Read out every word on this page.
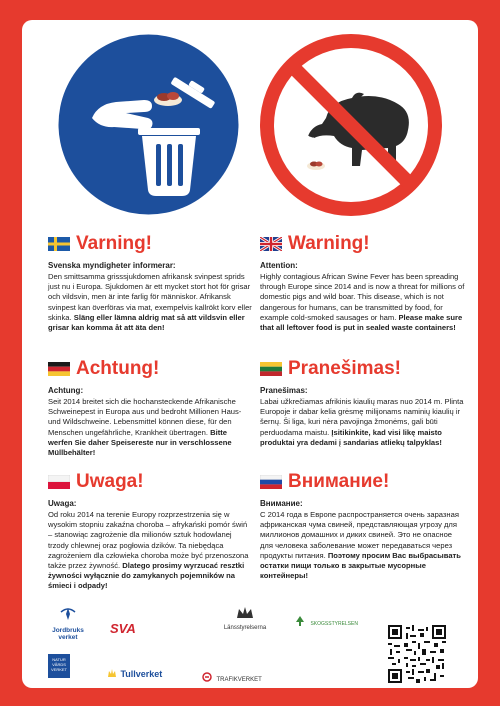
Varning!
Svenska myndigheter informerar:
Den smittsamma grisssjukdomen afrikansk svinpest sprids just nu i Europa. Sjukdomen är ett mycket stort hot för grisar och vildsvin, men är inte farlig för människor. Afrikansk svinpest kan överföras via mat, exempelvis kallrökt korv eller skinka. Släng eller lämna aldrig mat så att vildsvin eller grisar kan komma åt att äta den!
Warning!
Attention:
Highly contagious African Swine Fever has been spreading through Europe since 2014 and is now a threat for millions of domestic pigs and wild boar. This disease, which is not dangerous for humans, can be transmitted by food, for example cold-smoked sausages or ham. Please make sure that all leftover food is put in sealed waste containers!
Achtung!
Achtung:
Seit 2014 breitet sich die hochansteckende Afrikanische Schweinepest in Europa aus und bedroht Millionen Haus- und Wildschweine. Lebensmittel können diese, für den Menschen ungefährliche, Krankheit übertragen. Bitte werfen Sie daher Speisereste nur in verschlossene Müllbehälter!
Pranešimas!
Pranešimas:
Labai užkrečiamas afrikinis kiaulių maras nuo 2014 m. Plinta Europoje ir dabar kelia grėsmę milijonams naminių kiaulių ir šernų. Ši liga, kuri nėra pavojinga žmonėms, gali būti perduodama maistu. Įsitikinkite, kad visi likę maisto produktai yra dedami į sandarias atliekų talpyklas!
Uwaga!
Uwaga:
Od roku 2014 na terenie Europy rozprzestrzenia się w wysokim stopniu zakaźna choroba – afrykański pomór świń – stanowiąc zagrożenie dla milionów sztuk hodowlanej trzody chlewnej oraz pogłowia dzików. Ta niebędąca zagrożeniem dla człowieka choroba może być przenoszona także przez żywność. Dlatego prosimy wyrzucać resztki żywności wyłącznie do zamykanych pojemników na śmieci i odpady!
Внимание!
Внимание:
С 2014 года в Европе распространяется очень заразная африканская чума свиней, представляющая угрозу для миллионов домашних и диких свиней. Это не опасное для человека заболевание может передаваться через продукты питания. Поэтому просим Вас выбрасывать остатки пищи только в закрытые мусорные контейнеры!
Jordbruks
verket
SVA	Länsstyrelserna
SKOGSSTYRELSEN
NATUR VÅRDS VERKET	Tullverket
TRAFIKVERKET
